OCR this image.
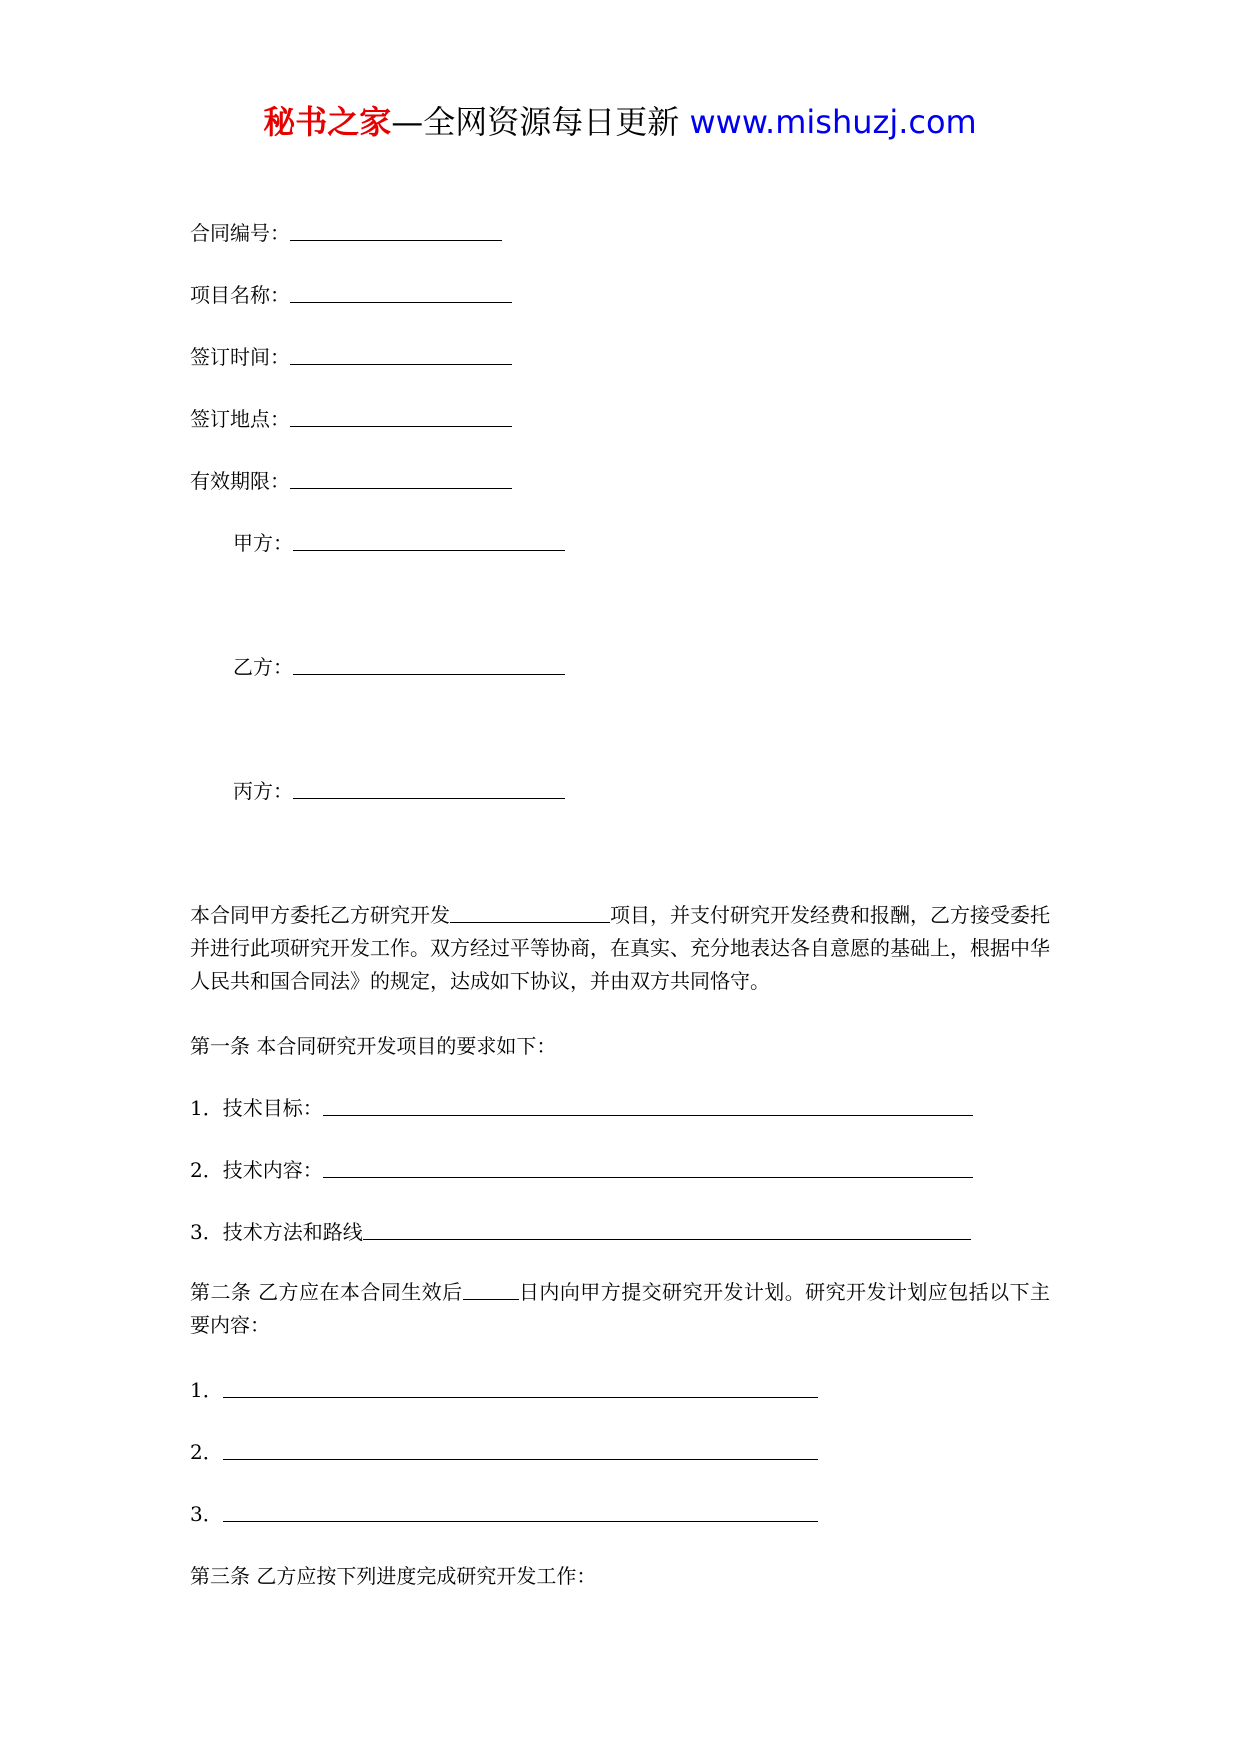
秘书之家—全网资源每日更新 www.mishuzj.com
合同编号：
项目名称：
签订时间：
签订地点：
有效期限：
甲方：
乙方：
丙方：
本合同甲方委托乙方研究开发	项目，并支付研究开发经费和报酬，乙方接受委托并进行此项研究开发工作。双方经过平等协商，在真实、充分地表达各自意愿的基础上，根据中华人民共和国合同法》的规定，达成如下协议，并由双方共同恪守。
第一条 本合同研究开发项目的要求如下：
1．技术目标：
2．技术内容：
3．技术方法和路线
第二条 乙方应在本合同生效后	日内向甲方提交研究开发计划。研究开发计划应包括以下主要内容：
1．
2．
3．
第三条 乙方应按下列进度完成研究开发工作：
